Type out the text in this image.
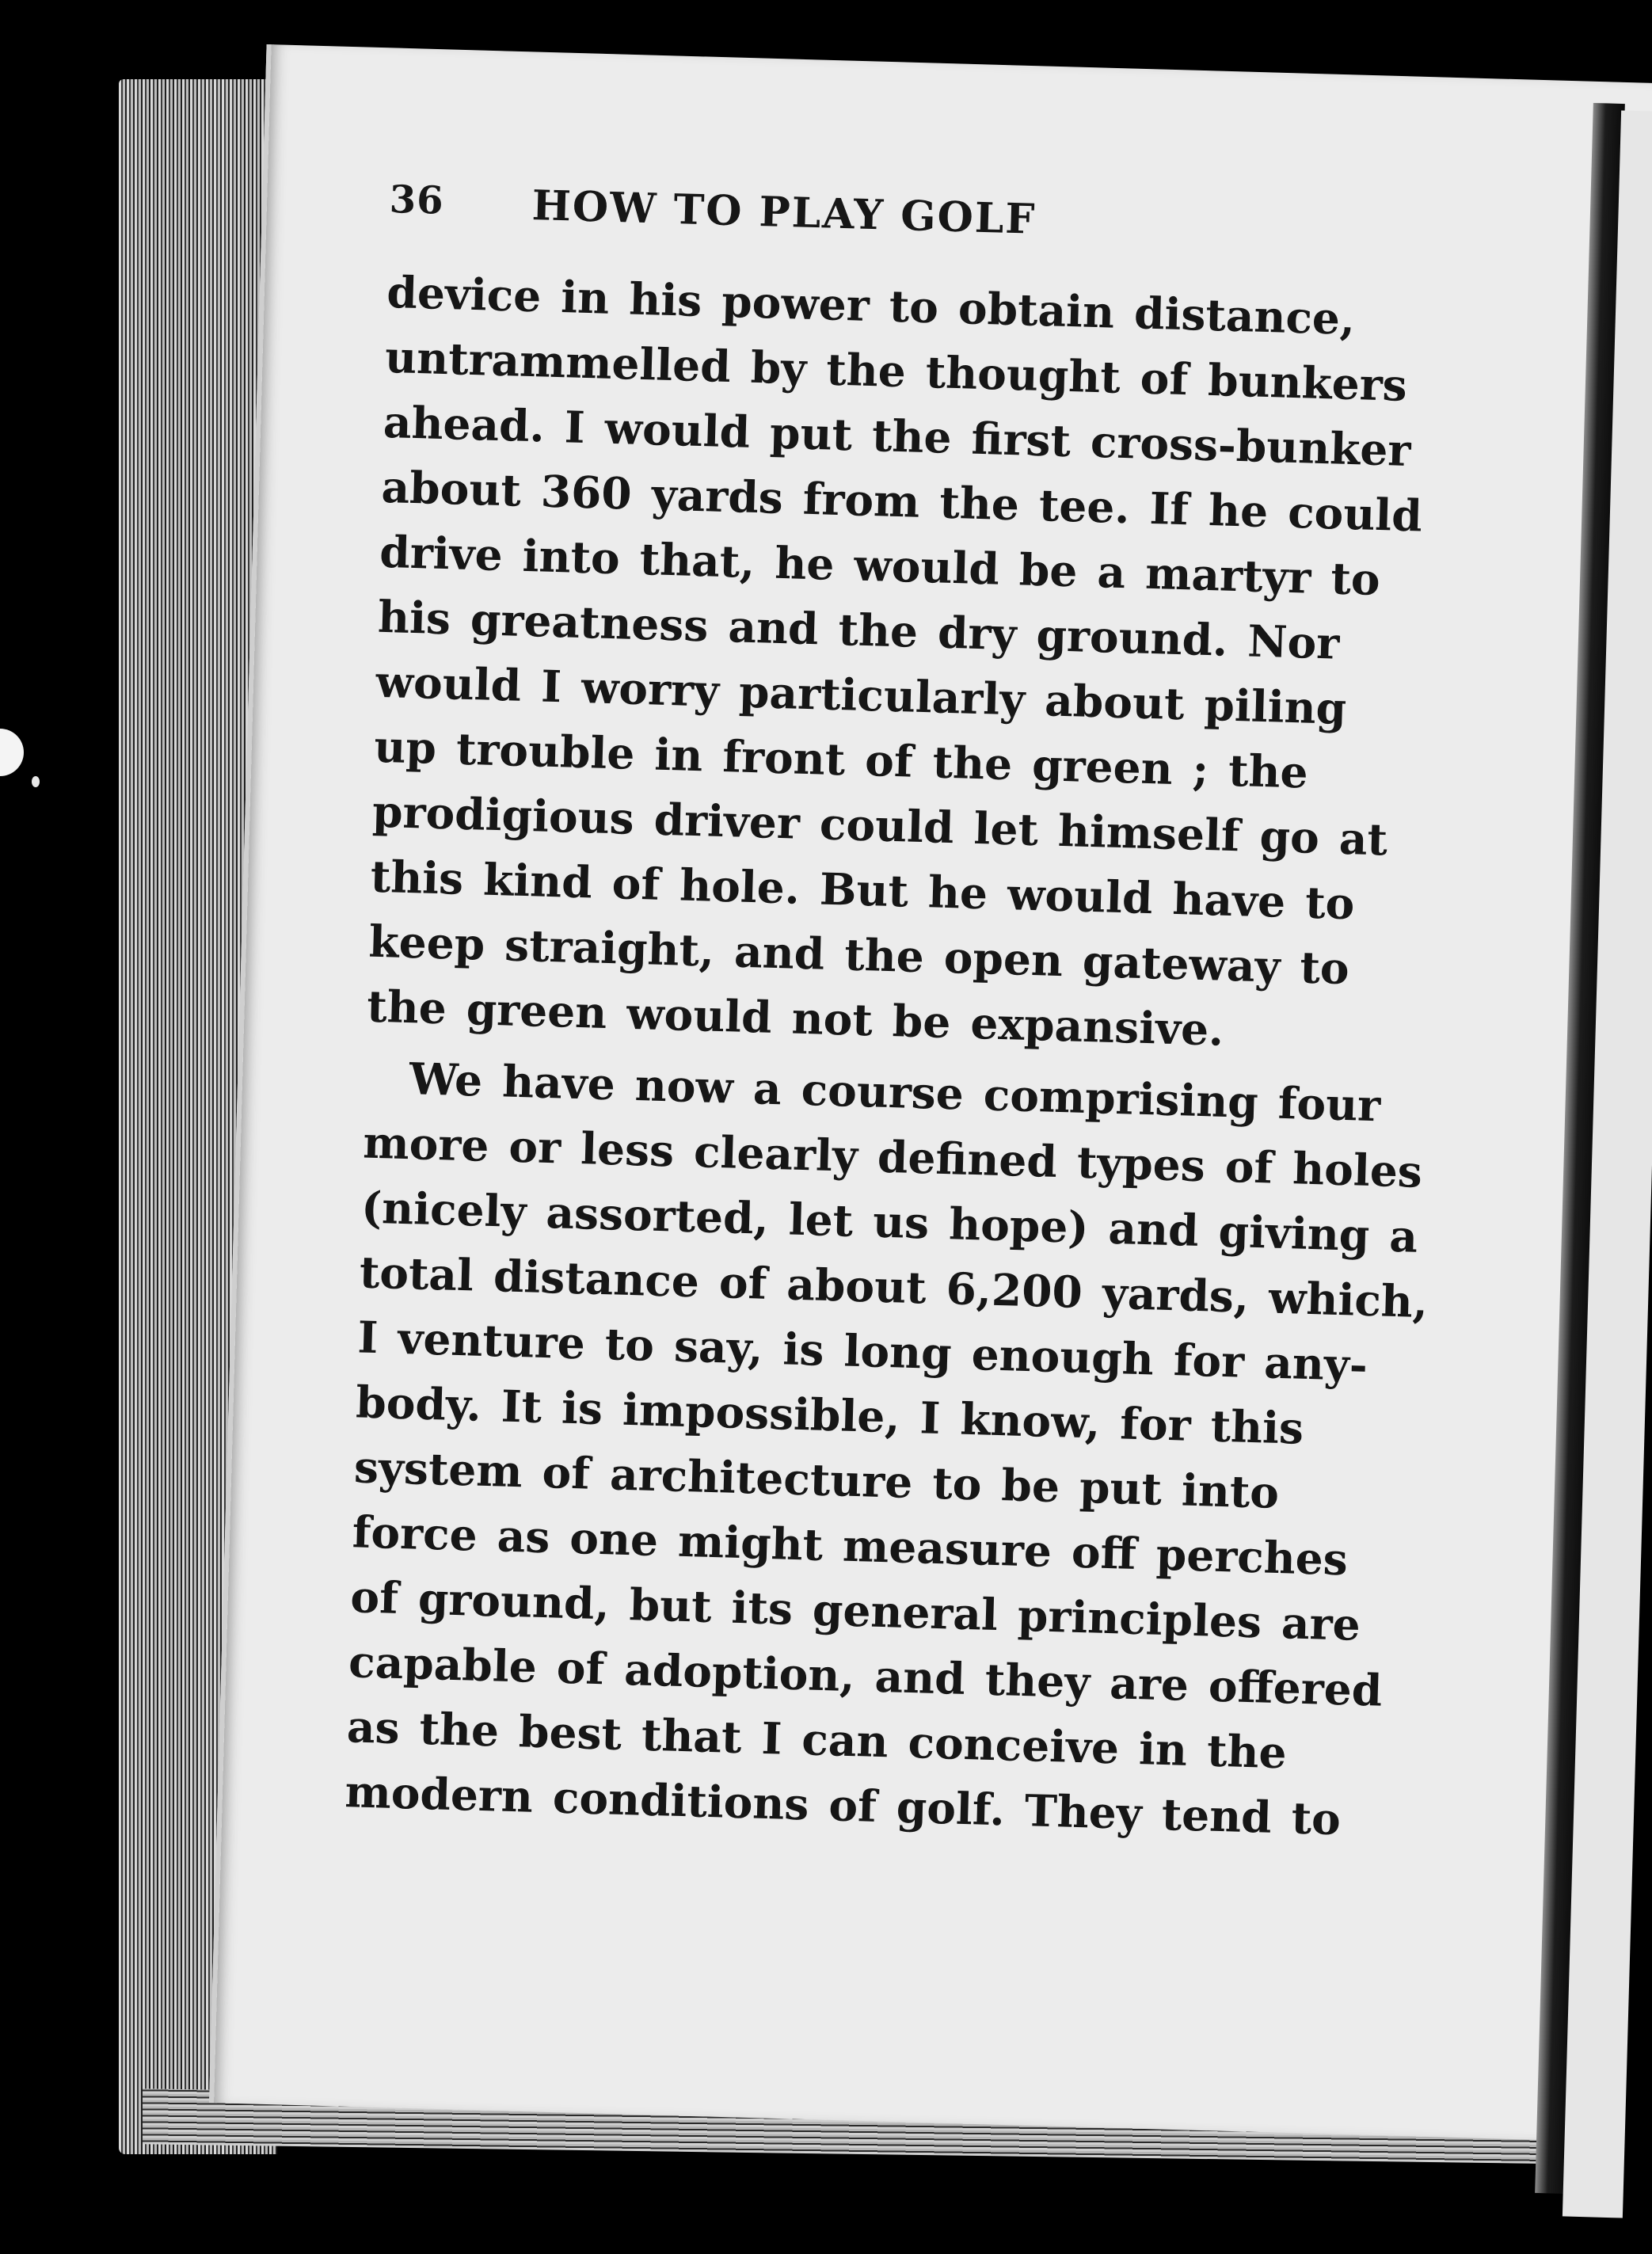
36 HOW TO PLAY GOLF

device in his power to obtain distance,
untrammelled by the thought of bunkers
ahead. I would put the first cross-bunker
about 360 yards from the tee. If he could
drive into that, he would be a martyr to
his greatness and the dry ground. Nor
would I worry particularly about piling
up trouble in front of the green ; the
prodigious driver could let himself go at
this kind of hole. But he would have to
keep straight, and the open gateway to
the green would not be expansive.

We have now a course comprising four
more or less clearly defined types of holes
(nicely assorted, let us hope) and giving a
total distance of about 6,200 yards, which,
I venture to say, is long enough for any-
body. It is impossible, I know, for this
system of architecture to be put into
force as one might measure off perches
of ground, but its general principles are
capable of adoption, and they are offered
as the best that I can conceive in the
modern conditions of golf. They tend to
